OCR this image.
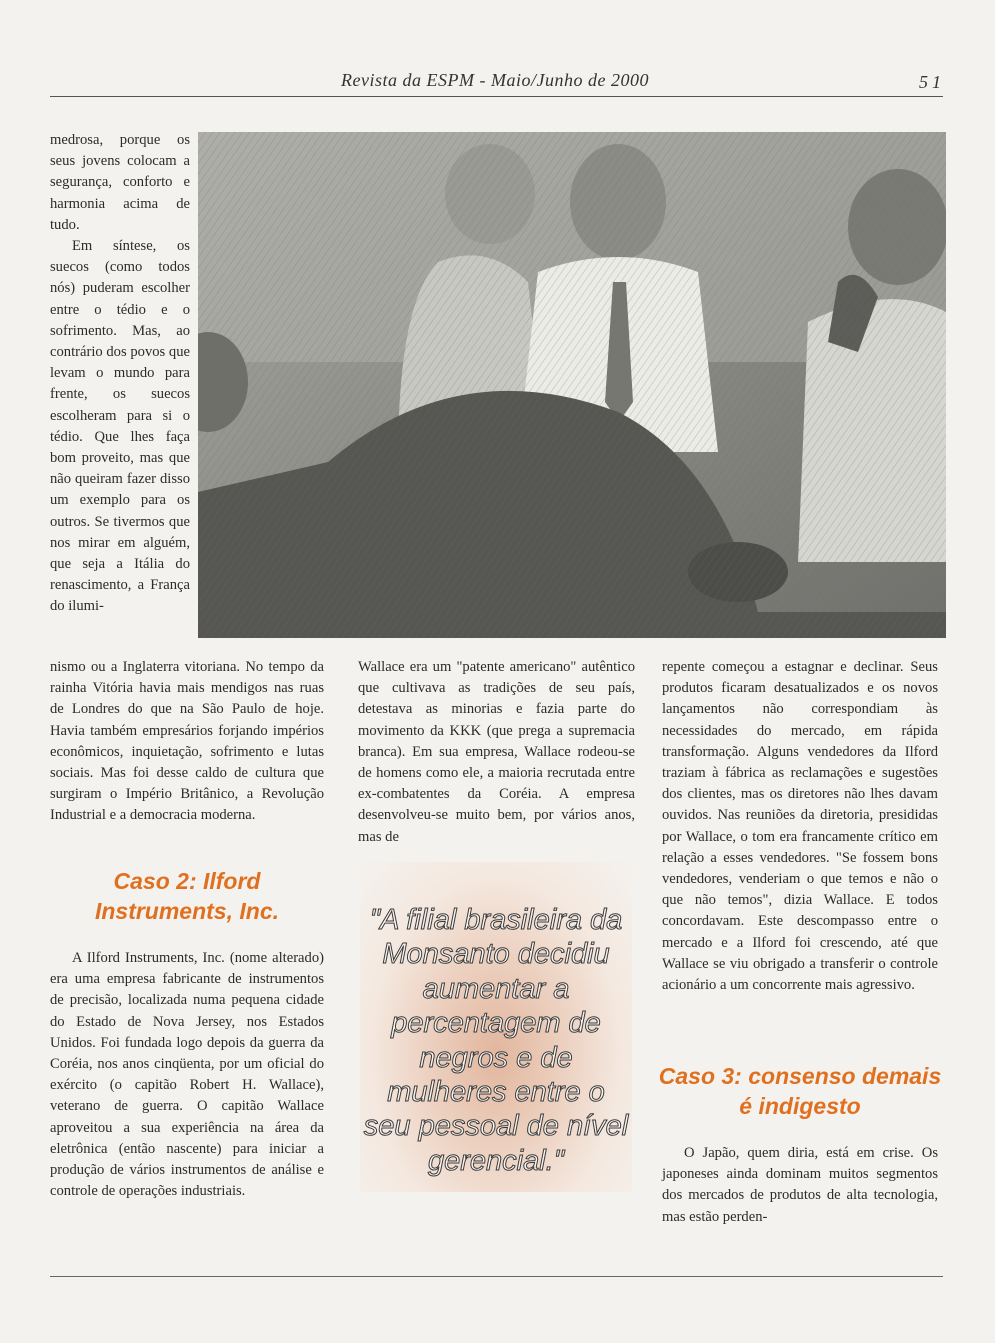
Revista da ESPM - Maio/Junho de 2000	51

medrosa, porque os seus jovens colocam a segurança, conforto e harmonia acima de tudo.

Em síntese, os suecos (como todos nós) puderam escolher entre o tédio e o sofrimento. Mas, ao contrário dos povos que levam o mundo para frente, os suecos escolheram para si o tédio. Que lhes faça bom proveito, mas que não queiram fazer disso um exemplo para os outros. Se tivermos que nos mirar em alguém, que seja a Itália do renascimento, a França do ilumi-

nismo ou a Inglaterra vitoriana. No tempo da rainha Vitória havia mais mendigos nas ruas de Londres do que na São Paulo de hoje. Havia também empresários forjando impérios econômicos, inquietação, sofrimento e lutas sociais. Mas foi desse caldo de cultura que surgiram o Império Britânico, a Revolução Industrial e a democracia moderna.

Caso 2: Ilford Instruments, Inc.

A Ilford Instruments, Inc. (nome alterado) era uma empresa fabricante de instrumentos de precisão, localizada numa pequena cidade do Estado de Nova Jersey, nos Estados Unidos. Foi fundada logo depois da guerra da Coréia, nos anos cinqüenta, por um oficial do exército (o capitão Robert H. Wallace), veterano de guerra. O capitão Wallace aproveitou a sua experiência na área da eletrônica (então nascente) para iniciar a produção de vários instrumentos de análise e controle de operações industriais.

Wallace era um "patente americano" autêntico que cultivava as tradições de seu país, detestava as minorias e fazia parte do movimento da KKK (que prega a supremacia branca). Em sua empresa, Wallace rodeou-se de homens como ele, a maioria recrutada entre ex-combatentes da Coréia. A empresa desenvolveu-se muito bem, por vários anos, mas de

"A filial brasileira da Monsanto decidiu aumentar a percentagem de negros e de mulheres entre o seu pessoal de nível gerencial."

repente começou a estagnar e declinar. Seus produtos ficaram desatualizados e os novos lançamentos não correspondiam às necessidades do mercado, em rápida transformação. Alguns vendedores da Ilford traziam à fábrica as reclamações e sugestões dos clientes, mas os diretores não lhes davam ouvidos. Nas reuniões da diretoria, presididas por Wallace, o tom era francamente crítico em relação a esses vendedores. "Se fossem bons vendedores, venderiam o que temos e não o que não temos", dizia Wallace. E todos concordavam. Este descompasso entre o mercado e a Ilford foi crescendo, até que Wallace se viu obrigado a transferir o controle acionário a um concorrente mais agressivo.

Caso 3: consenso demais é indigesto

O Japão, quem diria, está em crise. Os japoneses ainda dominam muitos segmentos dos mercados de produtos de alta tecnologia, mas estão perden-
